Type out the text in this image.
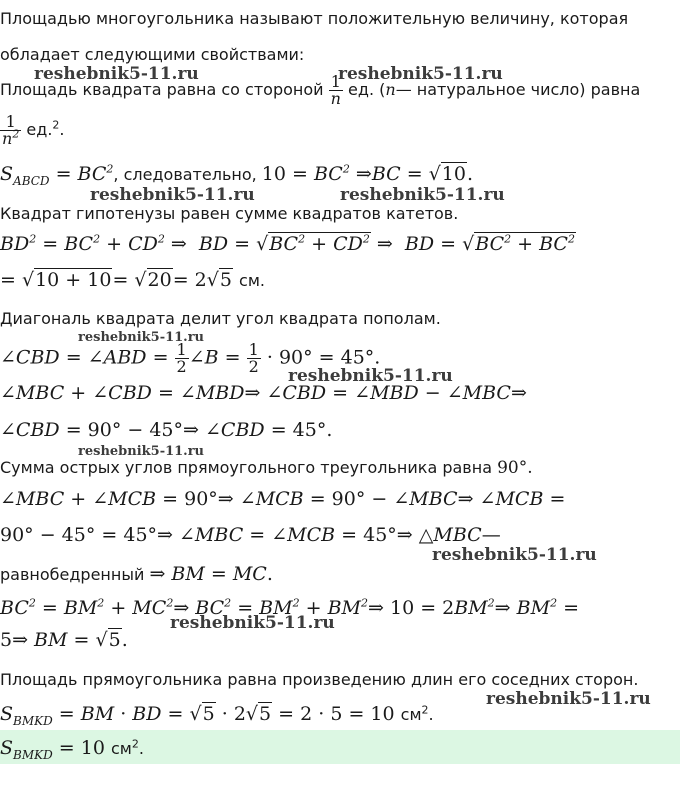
reshebnik5-11.ru	reshebnik5-11.ru
reshebnik5-11.ru	reshebnik5-11.ru
reshebnik5-11.ru
reshebnik5-11.ru
reshebnik5-11.ru
reshebnik5-11.ru
reshebnik5-11.ru
reshebnik5-11.ru
Площадью многоугольника называют положительную величину, которая
обладает следующими свойствами:
Площадь квадрата равна со стороной $\frac{1}{n}$ ед. (n— натуральное число) равна
$\frac{1}{n^2} ед.^2$.
$S_{ABCD} = BC^2$, следовательно, $10 = BC^2$ ⇒BC = √10.
Квадрат гипотенузы равен сумме квадратов катетов.
$BD^2 = BC^2 + CD^2$ ⇒  BD = $√BC^2 + CD^2$ ⇒  BD = $√BC^2 + BC^2$
= √10 + 10= √20= 2√5 см.
Диагональ квадрата делит угол квадрата пополам.
∠CBD = ∠ABD = $\frac{1}{2}$ ∠B = $\frac{1}{2} \cdot 90^\circ = 45^\circ$.
∠MBC + ∠CBD = ∠MBD⇒ ∠CBD = ∠MBD − ∠MBC⇒
∠CBD = 90° − 45°⇒ ∠CBD = 45°.
Сумма острых углов прямоугольного треугольника равна 90°.
∠MBC + ∠MCB = 90°⇒ ∠MCB = 90° − ∠MBC⇒ ∠MCB =
90° − 45° = 45°⇒ ∠MBC = ∠MCB = 45°⇒ △MBC—
равнобедренный ⇒ BM = MC.
$BC^2 = BM^2$ + $MC^2\Rightarrow$ $BC^2 = BM^2$ + $BM^2\Rightarrow$ $10 = 2BM^2\Rightarrow$ $BM^2$ =
5⇒ BM = √5.
Площадь прямоугольника равна произведению длин его соседних сторон.
$S_{BMKD}$ = BM · BD = √5 · 2√5 = 2 · 5 = 10 $см^2$.
$S_{BMKD} = 10$ $см^2$.
